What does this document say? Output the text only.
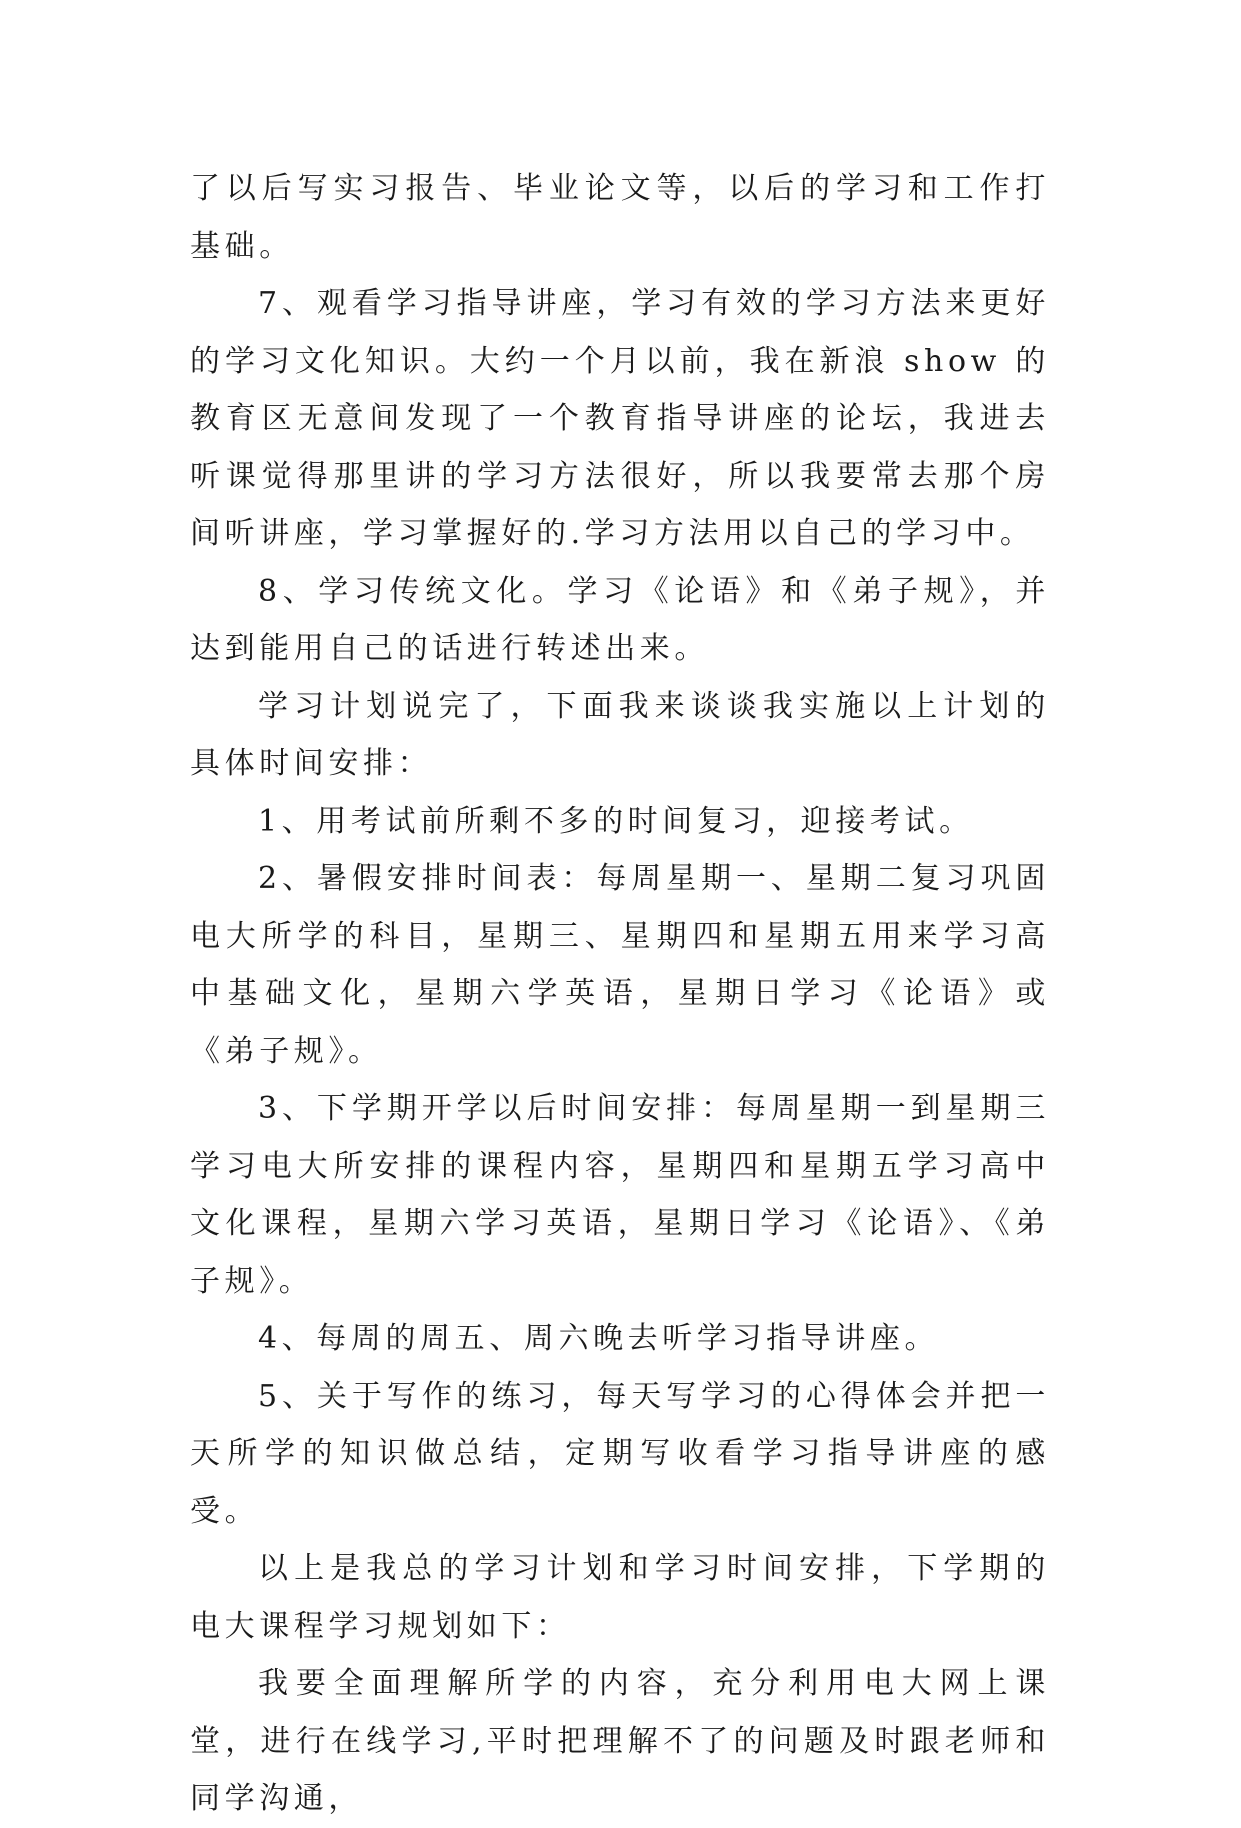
了以后写实习报告、毕业论文等，以后的学习和工作打基础。

7、观看学习指导讲座，学习有效的学习方法来更好的学习文化知识。大约一个月以前，我在新浪 show 的教育区无意间发现了一个教育指导讲座的论坛，我进去听课觉得那里讲的学习方法很好，所以我要常去那个房间听讲座，学习掌握好的.学习方法用以自己的学习中。

8、学习传统文化。学习《论语》和《弟子规》，并达到能用自己的话进行转述出来。

学习计划说完了，下面我来谈谈我实施以上计划的具体时间安排：

1、用考试前所剩不多的时间复习，迎接考试。

2、暑假安排时间表：每周星期一、星期二复习巩固电大所学的科目，星期三、星期四和星期五用来学习高中基础文化，星期六学英语，星期日学习《论语》或《弟子规》。

3、下学期开学以后时间安排：每周星期一到星期三学习电大所安排的课程内容，星期四和星期五学习高中文化课程，星期六学习英语，星期日学习《论语》、《弟子规》。

4、每周的周五、周六晚去听学习指导讲座。

5、关于写作的练习，每天写学习的心得体会并把一天所学的知识做总结，定期写收看学习指导讲座的感受。

以上是我总的学习计划和学习时间安排，下学期的电大课程学习规划如下：

我要全面理解所学的内容，充分利用电大网上课堂，进行在线学习,平时把理解不了的问题及时跟老师和同学沟通，
